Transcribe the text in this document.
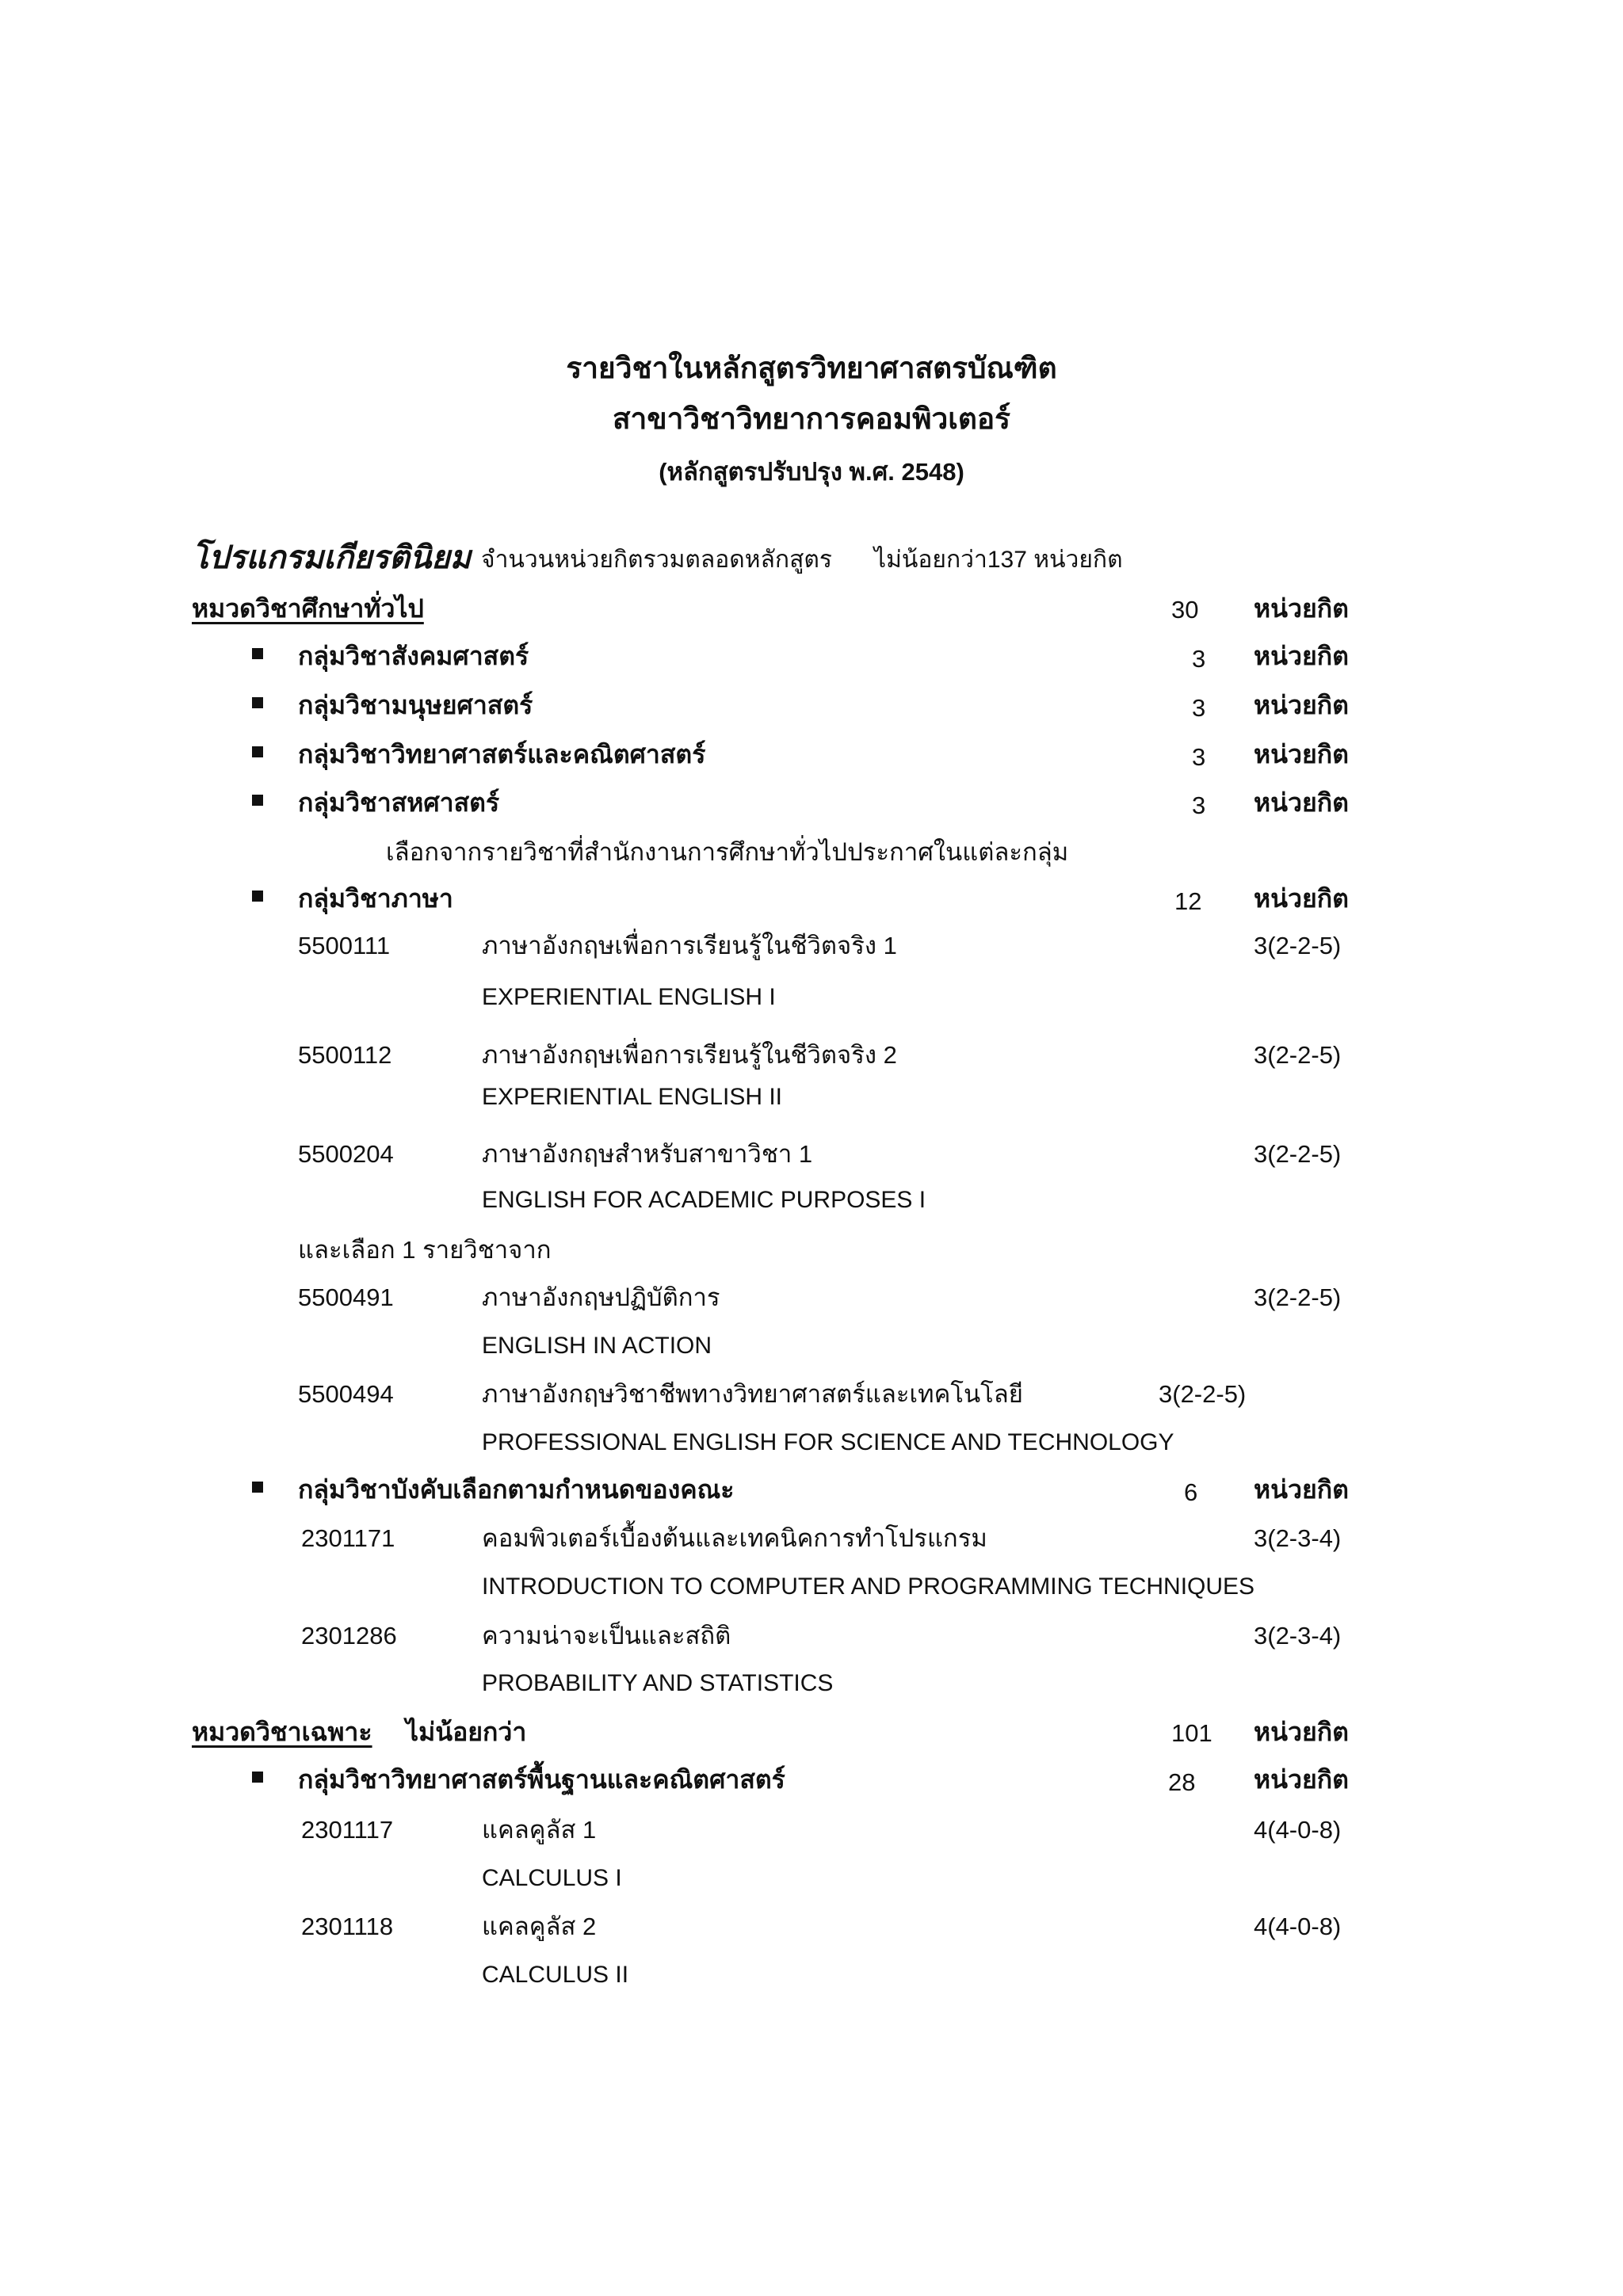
รายวิชาในหลักสูตรวิทยาศาสตรบัณฑิต
สาขาวิชาวิทยาการคอมพิวเตอร์
(หลักสูตรปรับปรุง พ.ศ. 2548)
โปรแกรมเกียรตินิยม จำนวนหน่วยกิตรวมตลอดหลักสูตร ไม่น้อยกว่า137 หน่วยกิต
หมวดวิชาศึกษาทั่วไป	30 หน่วยกิต
กลุ่มวิชาสังคมศาสตร์	3 หน่วยกิต
กลุ่มวิชามนุษยศาสตร์	3 หน่วยกิต
กลุ่มวิชาวิทยาศาสตร์และคณิตศาสตร์	3 หน่วยกิต
กลุ่มวิชาสหศาสตร์	3 หน่วยกิต
เลือกจากรายวิชาที่สำนักงานการศึกษาทั่วไปประกาศในแต่ละกลุ่ม
กลุ่มวิชาภาษา	12 หน่วยกิต
5500111	ภาษาอังกฤษเพื่อการเรียนรู้ในชีวิตจริง 1	3(2-2-5)
EXPERIENTIAL ENGLISH I
5500112	ภาษาอังกฤษเพื่อการเรียนรู้ในชีวิตจริง 2	3(2-2-5)
EXPERIENTIAL ENGLISH II
5500204	ภาษาอังกฤษสำหรับสาขาวิชา 1	3(2-2-5)
ENGLISH FOR ACADEMIC PURPOSES I
และเลือก 1 รายวิชาจาก
5500491	ภาษาอังกฤษปฏิบัติการ	3(2-2-5)
ENGLISH IN ACTION
5500494	ภาษาอังกฤษวิชาชีพทางวิทยาศาสตร์และเทคโนโลยี	3(2-2-5)
PROFESSIONAL ENGLISH FOR SCIENCE AND TECHNOLOGY
กลุ่มวิชาบังคับเลือกตามกำหนดของคณะ	6 หน่วยกิต
2301171	คอมพิวเตอร์เบื้องต้นและเทคนิคการทำโปรแกรม	3(2-3-4)
INTRODUCTION TO COMPUTER AND PROGRAMMING TECHNIQUES
2301286	ความน่าจะเป็นและสถิติ	3(2-3-4)
PROBABILITY AND STATISTICS
หมวดวิชาเฉพาะ ไม่น้อยกว่า	101 หน่วยกิต
กลุ่มวิชาวิทยาศาสตร์พื้นฐานและคณิตศาสตร์	28 หน่วยกิต
2301117	แคลคูลัส 1	4(4-0-8)
CALCULUS I
2301118	แคลคูลัส 2	4(4-0-8)
CALCULUS II
